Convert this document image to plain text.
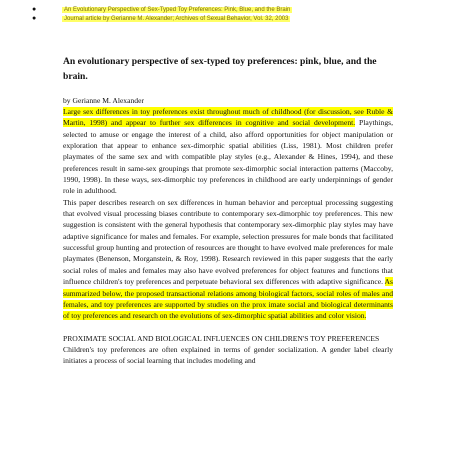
●	An Evolutionary Perspective of Sex-Typed Toy Preferences: Pink, Blue, and the Brain
●	Journal article by Gerianne M. Alexander; Archives of Sexual Behavior, Vol. 32, 2003
An evolutionary perspective of sex-typed toy preferences: pink, blue, and the brain.
by Gerianne M. Alexander

Large sex differences in toy preferences exist throughout much of childhood (for discussion, see Ruble & Martin, 1998) and appear to further sex differences in cognitive and social development. Playthings, selected to amuse or engage the interest of a child, also afford opportunities for object manipulation or exploration that appear to enhance sex-dimorphic spatial abilities (Liss, 1981). Most children prefer playmates of the same sex and with compatible play styles (e.g., Alexander & Hines, 1994), and these preferences result in same-sex groupings that promote sex-dimorphic social interaction patterns (Maccoby, 1990, 1998). In these ways, sex-dimorphic toy preferences in childhood are early underpinnings of gender role in adulthood.

This paper describes research on sex differences in human behavior and perceptual processing suggesting that evolved visual processing biases contribute to contemporary sex-dimorphic toy preferences. This new suggestion is consistent with the general hypothesis that contemporary sex-dimorphic play styles may have adaptive significance for males and females. For example, selection pressures for male bonds that facilitated successful group hunting and protection of resources are thought to have evolved male preferences for male playmates (Benenson, Morganstein, & Roy, 1998). Research reviewed in this paper suggests that the early social roles of males and females may also have evolved preferences for object features and functions that influence children's toy preferences and perpetuate behavioral sex differences with adaptive significance. As summarized below, the proposed transactional relations among biological factors, social roles of males and females, and toy preferences are supported by studies on the prox imate social and biological determinants of toy preferences and research on the evolutions of sex-dimorphic spatial abilities and color vision.

PROXIMATE SOCIAL AND BIOLOGICAL INFLUENCES ON CHILDREN'S TOY PREFERENCES

Children's toy preferences are often explained in terms of gender socialization. A gender label clearly initiates a process of social learning that includes modeling and
